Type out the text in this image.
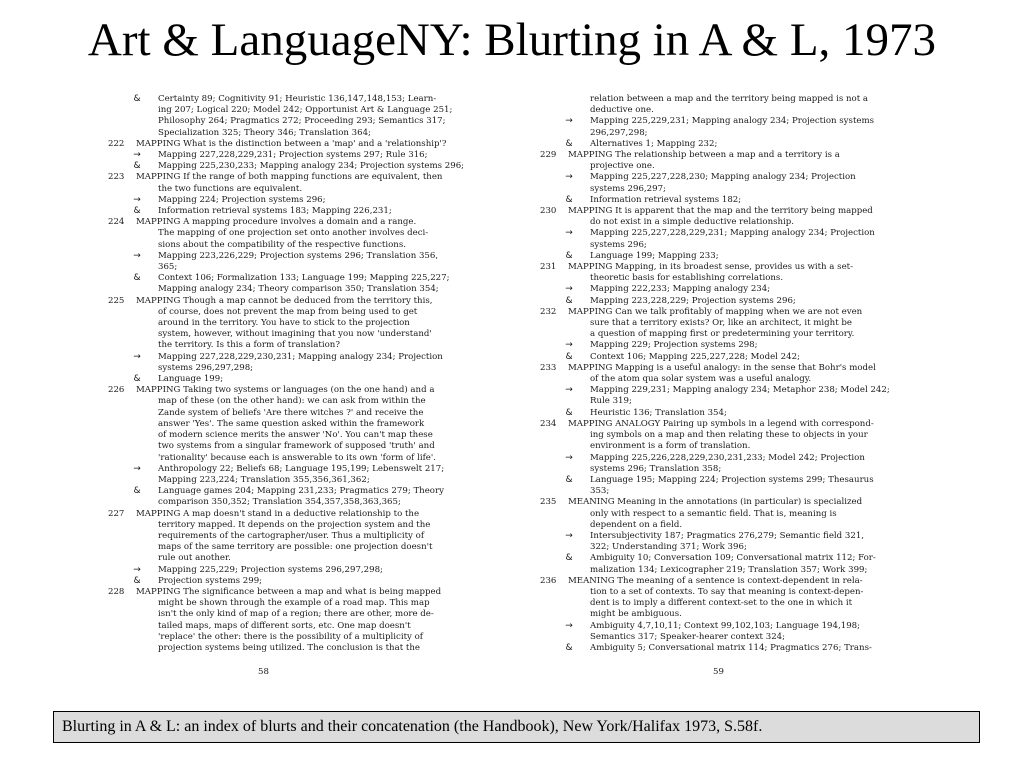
Art & LanguageNY: Blurting in A & L, 1973
&	Certainty 89; Cognitivity 91; Heuristic 136,147,148,153; Learn-
ing 207; Logical 220; Model 242; Opportunist Art & Language 251;
Philosophy 264; Pragmatics 272; Proceeding 293; Semantics 317;
Specialization 325; Theory 346; Translation 364;
222 MAPPING What is the distinction between a 'map' and a 'relationship'?
→	Mapping 227,228,229,231; Projection systems 297; Rule 316;
&	Mapping 225,230,233; Mapping analogy 234; Projection systems 296;
223 MAPPING If the range of both mapping functions are equivalent, then
the two functions are equivalent.
→	Mapping 224; Projection systems 296;
&	Information retrieval systems 183; Mapping 226,231;
224 MAPPING A mapping procedure involves a domain and a range.
The mapping of one projection set onto another involves deci-
sions about the compatibility of the respective functions.
→	Mapping 223,226,229; Projection systems 296; Translation 356,
365;
&	Context 106; Formalization 133; Language 199; Mapping 225,227;
Mapping analogy 234; Theory comparison 350; Translation 354;
225 MAPPING Though a map cannot be deduced from the territory this,
of course, does not prevent the map from being used to get
around in the territory. You have to stick to the projection
system, however, without imagining that you now 'understand'
the territory. Is this a form of translation?
→	Mapping 227,228,229,230,231; Mapping analogy 234; Projection
systems 296,297,298;
&	Language 199;
226 MAPPING Taking two systems or languages (on the one hand) and a
map of these (on the other hand): we can ask from within the
Zande system of beliefs 'Are there witches ?' and receive the
answer 'Yes'. The same question asked within the framework
of modern science merits the answer 'No'. You can't map these
two systems from a singular framework of supposed 'truth' and
'rationality' because each is answerable to its own 'form of life'.
→	Anthropology 22; Beliefs 68; Language 195,199; Lebenswelt 217;
Mapping 223,224; Translation 355,356,361,362;
&	Language games 204; Mapping 231,233; Pragmatics 279; Theory
comparison 350,352; Translation 354,357,358,363,365;
227 MAPPING A map doesn't stand in a deductive relationship to the
territory mapped. It depends on the projection system and the
requirements of the cartographer/user. Thus a multiplicity of
maps of the same territory are possible: one projection doesn't
rule out another.
→	Mapping 225,229; Projection systems 296,297,298;
&	Projection systems 299;
228 MAPPING The significance between a map and what is being mapped
might be shown through the example of a road map. This map
isn't the only kind of map of a region; there are other, more de-
tailed maps, maps of different sorts, etc. One map doesn't
'replace' the other: there is the possibility of a multiplicity of
projection systems being utilized. The conclusion is that the
58
relation between a map and the territory being mapped is not a
deductive one.
→	Mapping 225,229,231; Mapping analogy 234; Projection systems
296,297,298;
&	Alternatives 1; Mapping 232;
229 MAPPING The relationship between a map and a territory is a
projective one.
→	Mapping 225,227,228,230; Mapping analogy 234; Projection
systems 296,297;
&	Information retrieval systems 182;
230 MAPPING It is apparent that the map and the territory being mapped
do not exist in a simple deductive relationship.
→	Mapping 225,227,228,229,231; Mapping analogy 234; Projection
systems 296;
&	Language 199; Mapping 233;
231 MAPPING Mapping, in its broadest sense, provides us with a set-
theoretic basis for establishing correlations.
→	Mapping 222,233; Mapping analogy 234;
&	Mapping 223,228,229; Projection systems 296;
232 MAPPING Can we talk profitably of mapping when we are not even
sure that a territory exists? Or, like an architect, it might be
a question of mapping first or predetermining your territory.
→	Mapping 229; Projection systems 298;
&	Context 106; Mapping 225,227,228; Model 242;
233 MAPPING Mapping is a useful analogy: in the sense that Bohr's model
of the atom qua solar system was a useful analogy.
→	Mapping 229,231; Mapping analogy 234; Metaphor 238; Model 242;
Rule 319;
&	Heuristic 136; Translation 354;
234 MAPPING ANALOGY Pairing up symbols in a legend with correspond-
ing symbols on a map and then relating these to objects in your
environment is a form of translation.
→	Mapping 225,226,228,229,230,231,233; Model 242; Projection
systems 296; Translation 358;
&	Language 195; Mapping 224; Projection systems 299; Thesaurus
353;
235 MEANING Meaning in the annotations (in particular) is specialized
only with respect to a semantic field. That is, meaning is
dependent on a field.
→	Intersubjectivity 187; Pragmatics 276,279; Semantic field 321,
322; Understanding 371; Work 396;
&	Ambiguity 10; Conversation 109; Conversational matrix 112; For-
malization 134; Lexicographer 219; Translation 357; Work 399;
236 MEANING The meaning of a sentence is context-dependent in rela-
tion to a set of contexts. To say that meaning is context-depen-
dent is to imply a different context-set to the one in which it
might be ambiguous.
→	Ambiguity 4,7,10,11; Context 99,102,103; Language 194,198;
Semantics 317; Speaker-hearer context 324;
&	Ambiguity 5; Conversational matrix 114; Pragmatics 276; Trans-
59
Blurting in A & L: an index of blurts and their concatenation (the Handbook), New York/Halifax 1973, S.58f.
